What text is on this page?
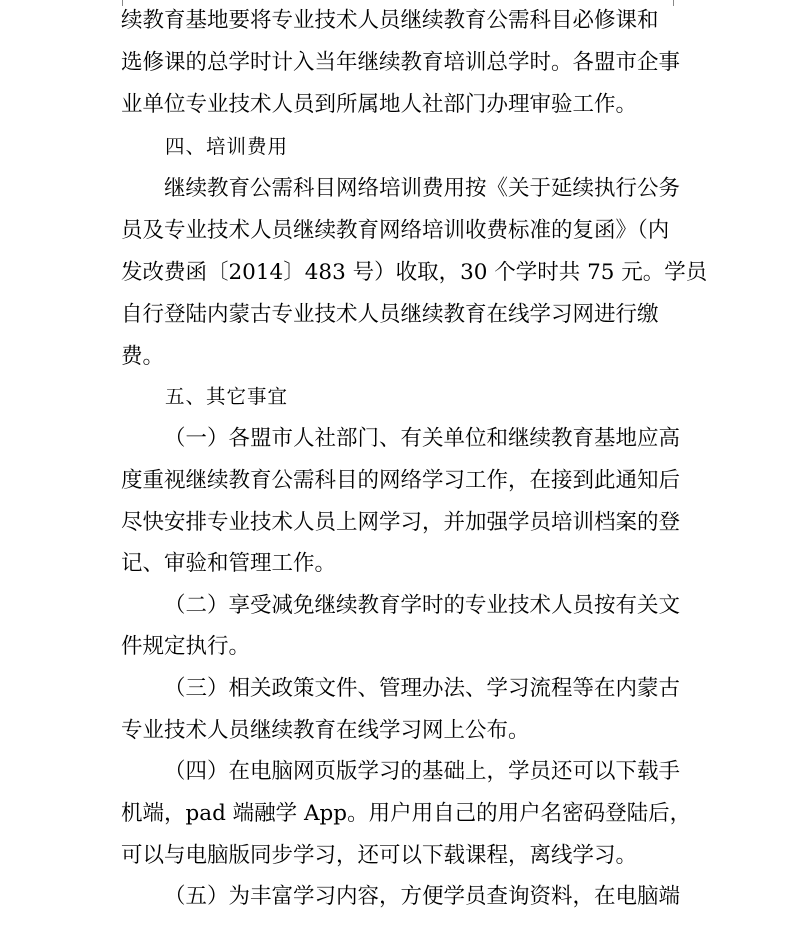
续教育基地要将专业技术人员继续教育公需科目必修课和
选修课的总学时计入当年继续教育培训总学时。各盟市企事
业单位专业技术人员到所属地人社部门办理审验工作。
四、培训费用
继续教育公需科目网络培训费用按《关于延续执行公务
员及专业技术人员继续教育网络培训收费标准的复函》（内
发改费函〔2014〕483 号）收取，30 个学时共 75 元。学员
自行登陆内蒙古专业技术人员继续教育在线学习网进行缴
费。
五、其它事宜
（一）各盟市人社部门、有关单位和继续教育基地应高
度重视继续教育公需科目的网络学习工作，在接到此通知后
尽快安排专业技术人员上网学习，并加强学员培训档案的登
记、审验和管理工作。
（二）享受减免继续教育学时的专业技术人员按有关文
件规定执行。
（三）相关政策文件、管理办法、学习流程等在内蒙古
专业技术人员继续教育在线学习网上公布。
（四）在电脑网页版学习的基础上，学员还可以下载手
机端，pad 端融学 App。用户用自己的用户名密码登陆后，
可以与电脑版同步学习，还可以下载课程，离线学习。
（五）为丰富学习内容，方便学员查询资料，在电脑端
